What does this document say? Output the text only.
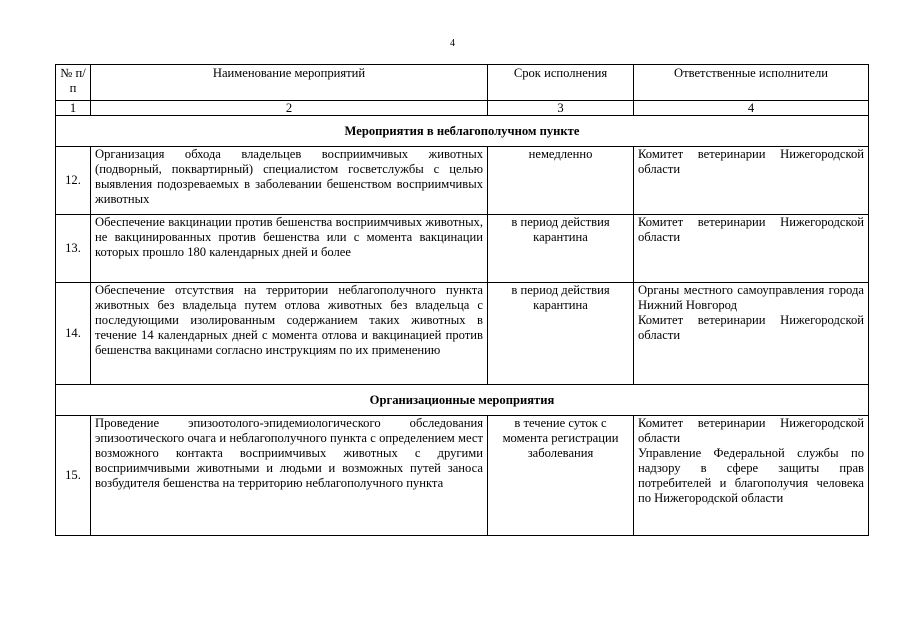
4
№ п/п	Наименование мероприятий	Срок исполнения	Ответственные исполнители
1	2	3	4
Мероприятия в неблагополучном пункте			
12.	Организация обхода владельцев восприимчивых животных (подворный, поквартирный) специалистом госветслужбы с целью выявления подозреваемых в заболевании бешенством восприимчивых животных	немедленно	Комитет ветеринарии Нижегородской области

13.	Обеспечение вакцинации против бешенства восприимчивых животных, не вакцинированных против бешенства или с момента вакцинации которых прошло 180 календарных дней и более	в период действия карантина	Комитет ветеринарии Нижегородской области

14.	Обеспечение отсутствия на территории неблагополучного пункта животных без владельца путем отлова животных без владельца с последующими изолированным содержанием таких животных в течение 14 календарных дней с момента отлова и вакцинацией против бешенства вакцинами согласно инструкциям по их применению	в период действия карантина	Органы местного самоуправления города Нижний Новгород
Комитет ветеринарии Нижегородской области

Организационные мероприятия			
15.	Проведение эпизоотолого-эпидемиологического обследования эпизоотического очага и неблагополучного пункта с определением мест возможного контакта восприимчивых животных с другими восприимчивыми животными и людьми и возможных путей заноса возбудителя бешенства на территорию неблагополучного пункта	в течение суток с момента регистрации заболевания	Комитет ветеринарии Нижегородской области
Управление Федеральной службы по надзору в сфере защиты прав потребителей и благополучия человека по Нижегородской области
